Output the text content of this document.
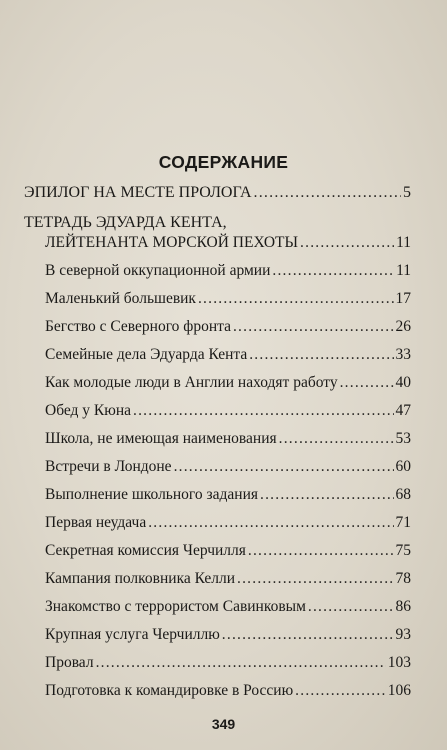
СОДЕРЖАНИЕ
ЭПИЛОГ НА МЕСТЕ ПРОЛОГА .....	5
ТЕТРАДЬ ЭДУАРДА КЕНТА,
ЛЕЙТЕНАНТА МОРСКОЙ ПЕХОТЫ .....	11
В северной оккупационной армии .....	11
Маленький большевик .....	17
Бегство с Северного фронта .....	26
Семейные дела Эдуарда Кента .....	33
Как молодые люди в Англии находят работу .....	40
Обед у Кюна .....	47
Школа, не имеющая наименования .....	53
Встречи в Лондоне .....	60
Выполнение школьного задания .....	68
Первая неудача .....	71
Секретная комиссия Черчилля .....	75
Кампания полковника Келли .....	78
Знакомство с террористом Савинковым .....	86
Крупная услуга Черчиллю .....	93
Провал .....	103
Подготовка к командировке в Россию .....	106
349
